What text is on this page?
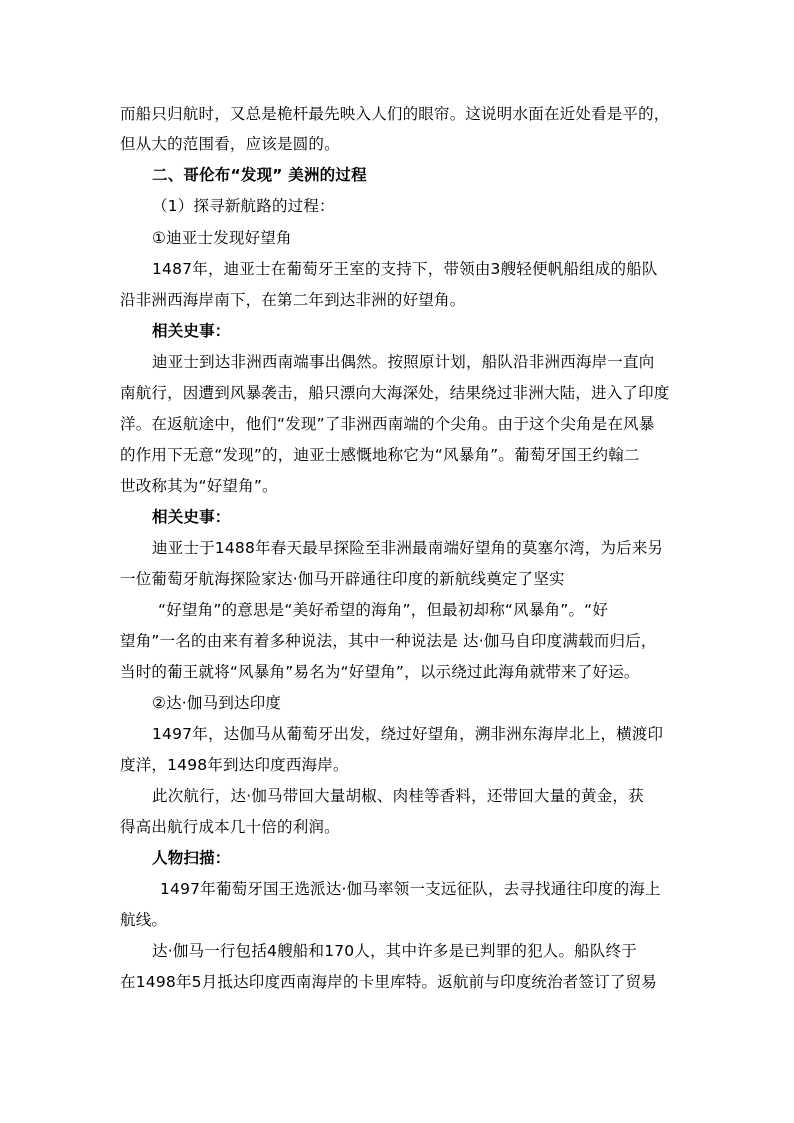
而船只归航时，又总是桅杆最先映入人们的眼帘。这说明水面在近处看是平的，
但从大的范围看，应该是圆的。
二、哥伦布“发现” 美洲的过程
（1）探寻新航路的过程：
①迪亚士发现好望角
1487年，迪亚士在葡萄牙王室的支持下，带领由3艘轻便帆船组成的船队
沿非洲西海岸南下，在第二年到达非洲的好望角。
相关史事：
迪亚士到达非洲西南端事出偶然。按照原计划，船队沿非洲西海岸一直向
南航行，因遭到风暴袭击，船只漂向大海深处，结果绕过非洲大陆，进入了印度
洋。在返航途中，他们“发现”了非洲西南端的个尖角。由于这个尖角是在风暴
的作用下无意“发现”的，迪亚士感慨地称它为“风暴角”。葡萄牙国王约翰二
世改称其为“好望角”。
相关史事：
迪亚士于1488年春天最早探险至非洲最南端好望角的莫塞尔湾，为后来另
一位葡萄牙航海探险家达·伽马开辟通往印度的新航线奠定了坚实
“好望角”的意思是“美好希望的海角”，但最初却称“风暴角”。“好
望角”一名的由来有着多种说法，其中一种说法是 达·伽马自印度满载而归后，
当时的葡王就将“风暴角”易名为“好望角”，以示绕过此海角就带来了好运。
②达·伽马到达印度
1497年，达伽马从葡萄牙出发，绕过好望角，溯非洲东海岸北上，横渡印
度洋，1498年到达印度西海岸。
此次航行，达·伽马带回大量胡椒、肉桂等香料，还带回大量的黄金，获
得高出航行成本几十倍的利润。
人物扫描：
1497年葡萄牙国王选派达·伽马率领一支远征队，去寻找通往印度的海上
航线。
达·伽马一行包括4艘船和170人，其中许多是已判罪的犯人。船队终于
在1498年5月抵达印度西南海岸的卡里库特。返航前与印度统治者签订了贸易
